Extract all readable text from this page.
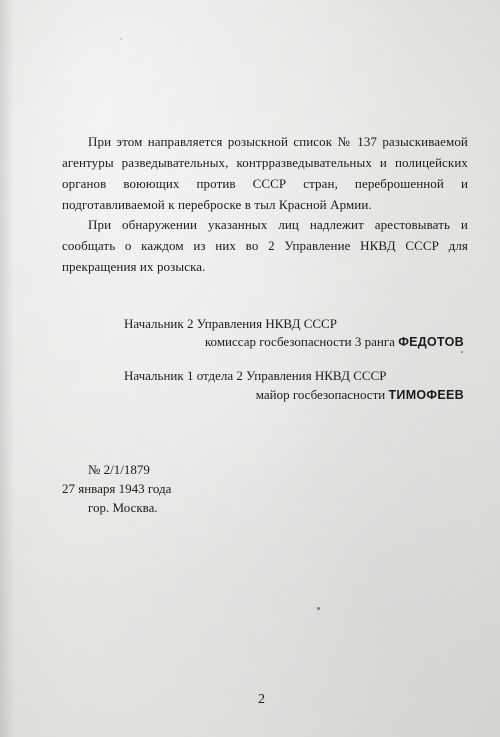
При этом направляется розыскной список № 137 разыскиваемой агентуры разведывательных, контрразведывательных и полицейских органов воюющих против СССР стран, переброшенной и подготавливаемой к переброске в тыл Красной Армии.

При обнаружении указанных лиц надлежит арестовывать и сообщать о каждом из них во 2 Управление НКВД СССР для прекращения их розыска.

Начальник 2 Управления НКВД СССР
комиссар госбезопасности 3 ранга ФЕДОТОВ
Начальник 1 отдела 2 Управления НКВД СССР
майор госбезопасности ТИМОФЕЕВ
№ 2/1/1879
27 января 1943 года
гор. Москва.
2
